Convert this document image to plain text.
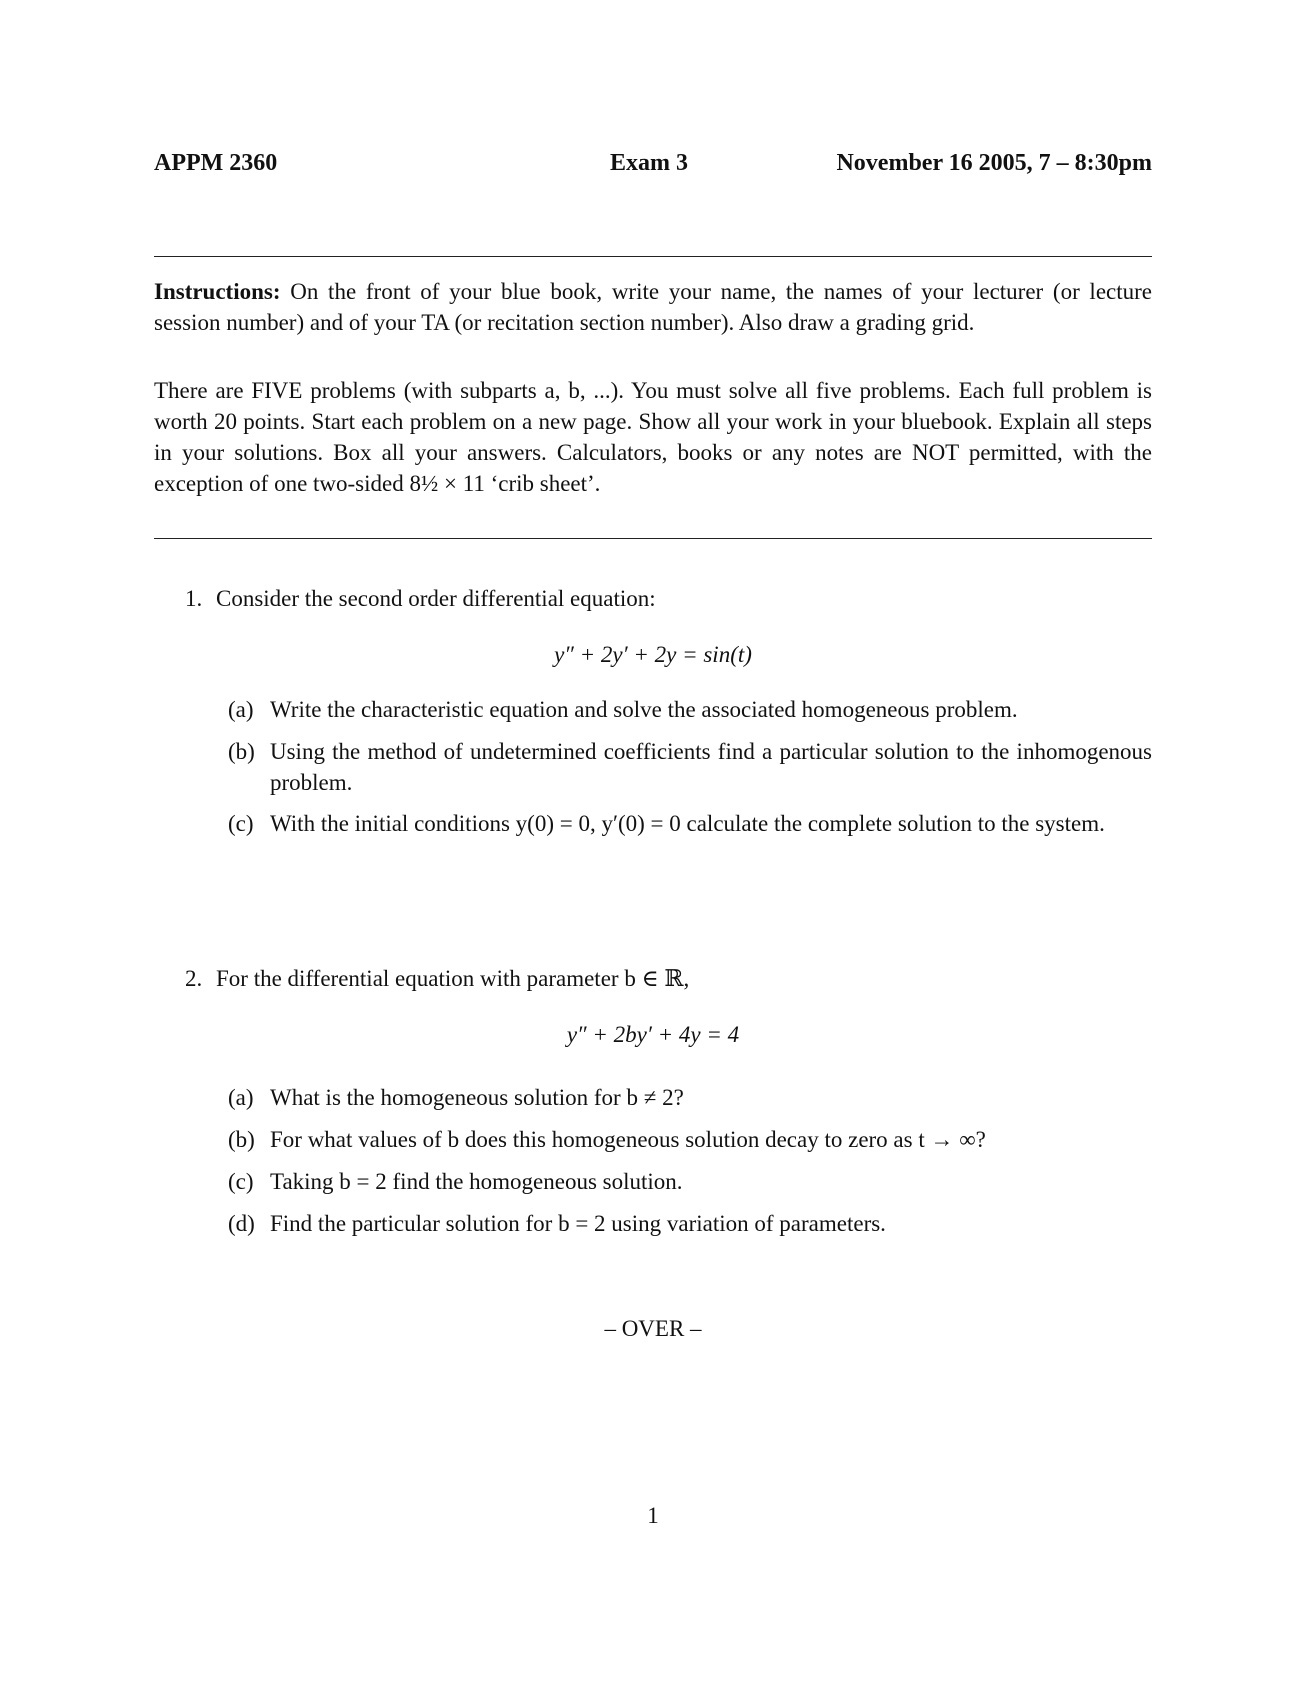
APPM 2360	Exam 3	November 16 2005, 7 – 8:30pm
Instructions: On the front of your blue book, write your name, the names of your lecturer (or lecture session number) and of your TA (or recitation section number). Also draw a grading grid.
There are FIVE problems (with subparts a, b, ...). You must solve all five problems. Each full problem is worth 20 points. Start each problem on a new page. Show all your work in your bluebook. Explain all steps in your solutions. Box all your answers. Calculators, books or any notes are NOT permitted, with the exception of one two-sided 8½ × 11 ‘crib sheet’.
1. Consider the second order differential equation:
y″ + 2y′ + 2y = sin(t)
(a) Write the characteristic equation and solve the associated homogeneous problem.
(b) Using the method of undetermined coefficients find a particular solution to the inhomogenous problem.
(c) With the initial conditions y(0) = 0, y′(0) = 0 calculate the complete solution to the system.
2. For the differential equation with parameter b ∈ ℝ,
y″ + 2by′ + 4y = 4
(a) What is the homogeneous solution for b ≠ 2?
(b) For what values of b does this homogeneous solution decay to zero as t → ∞?
(c) Taking b = 2 find the homogeneous solution.
(d) Find the particular solution for b = 2 using variation of parameters.
– OVER –
1
